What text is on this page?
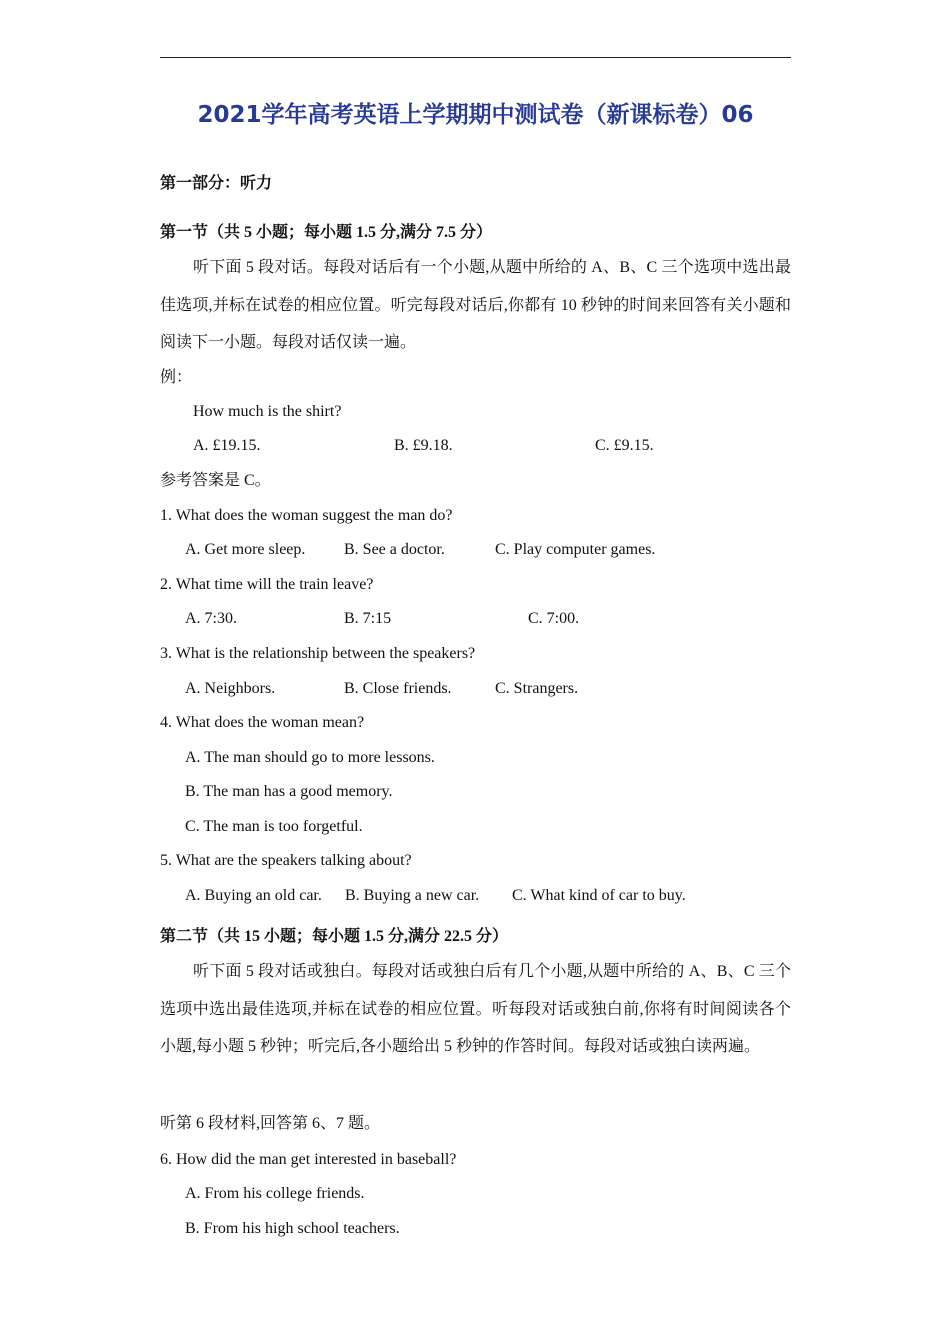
2021学年高考英语上学期期中测试卷（新课标卷）06
第一部分：听力
第一节（共 5 小题；每小题 1.5 分,满分 7.5 分）
听下面 5 段对话。每段对话后有一个小题,从题中所给的 A、B、C 三个选项中选出最佳选项,并标在试卷的相应位置。听完每段对话后,你都有 10 秒钟的时间来回答有关小题和阅读下一小题。每段对话仅读一遍。
例：
How much is the shirt?
A. £19.15.	B. £9.18.	C. £9.15.
参考答案是 C。
1. What does the woman suggest the man do?
A. Get more sleep. B. See a doctor.	C. Play computer games.
2. What time will the train leave?
A. 7:30.	B. 7:15	C. 7:00.
3. What is the relationship between the speakers?
A. Neighbors.	B. Close friends.	C. Strangers.
4. What does the woman mean?
A. The man should go to more lessons.
B. The man has a good memory.
C. The man is too forgetful.
5. What are the speakers talking about?
A. Buying an old car. B. Buying a new car. C. What kind of car to buy.
第二节（共 15 小题；每小题 1.5 分,满分 22.5 分）
听下面 5 段对话或独白。每段对话或独白后有几个小题,从题中所给的 A、B、C 三个选项中选出最佳选项,并标在试卷的相应位置。听每段对话或独白前,你将有时间阅读各个小题,每小题 5 秒钟；听完后,各小题给出 5 秒钟的作答时间。每段对话或独白读两遍。
听第 6 段材料,回答第 6、7 题。
6. How did the man get interested in baseball?
A. From his college friends.
B. From his high school teachers.
